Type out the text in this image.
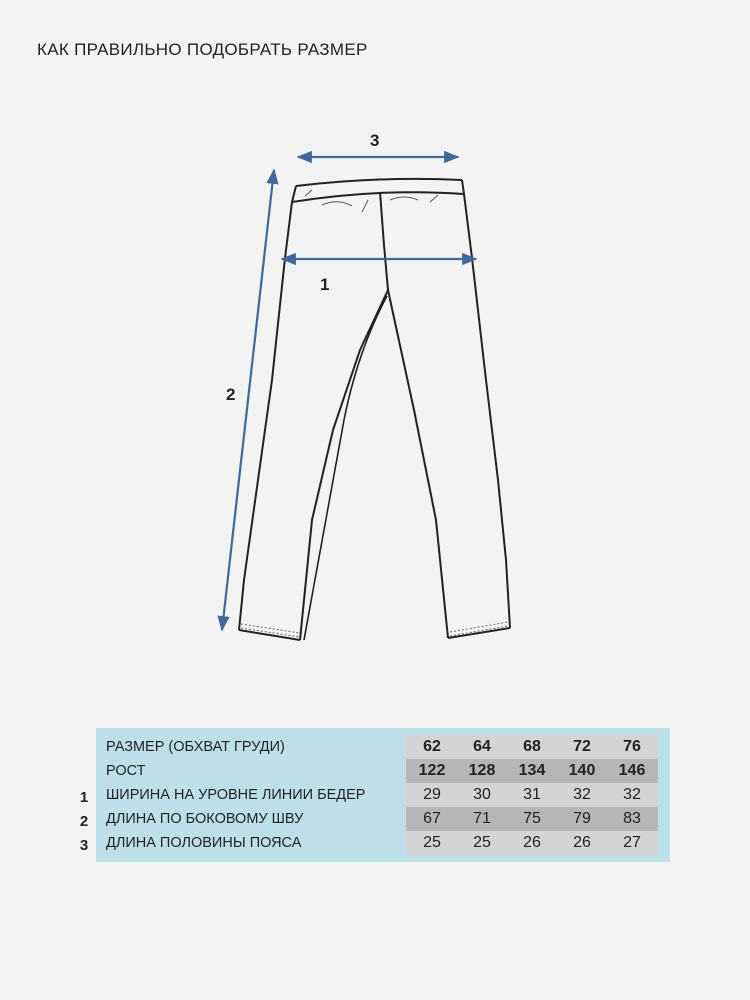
КАК ПРАВИЛЬНО ПОДОБРАТЬ РАЗМЕР
3
1
2
1
2
3
РАЗМЕР (ОБХВАТ ГРУДИ)	62	64	68	72	76
РОСТ	122	128	134	140	146
ШИРИНА НА УРОВНЕ ЛИНИИ БЕДЕР	29	30	31	32	32
ДЛИНА ПО БОКОВОМУ ШВУ	67	71	75	79	83
ДЛИНА ПОЛОВИНЫ ПОЯСА	25	25	26	26	27
